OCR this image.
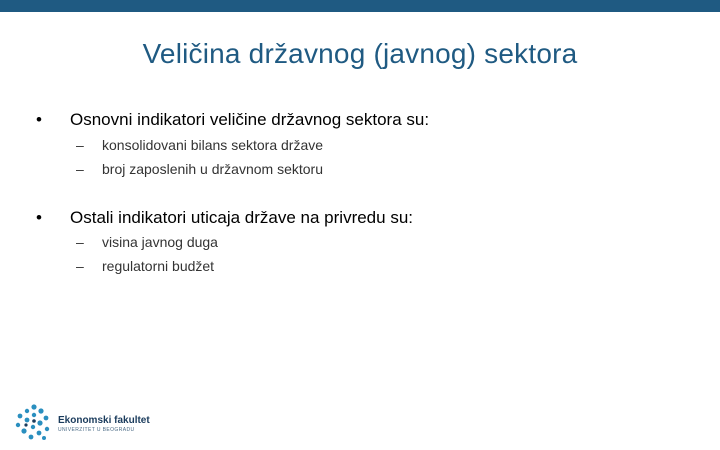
Veličina državnog (javnog) sektora
• Osnovni indikatori veličine državnog sektora su:
– konsolidovani bilans sektora države
– broj zaposlenih u državnom sektoru
• Ostali indikatori uticaja države na privredu su:
– visina javnog duga
– regulatorni budžet
Ekonomski fakultet
UNIVERZITET U BEOGRADU
